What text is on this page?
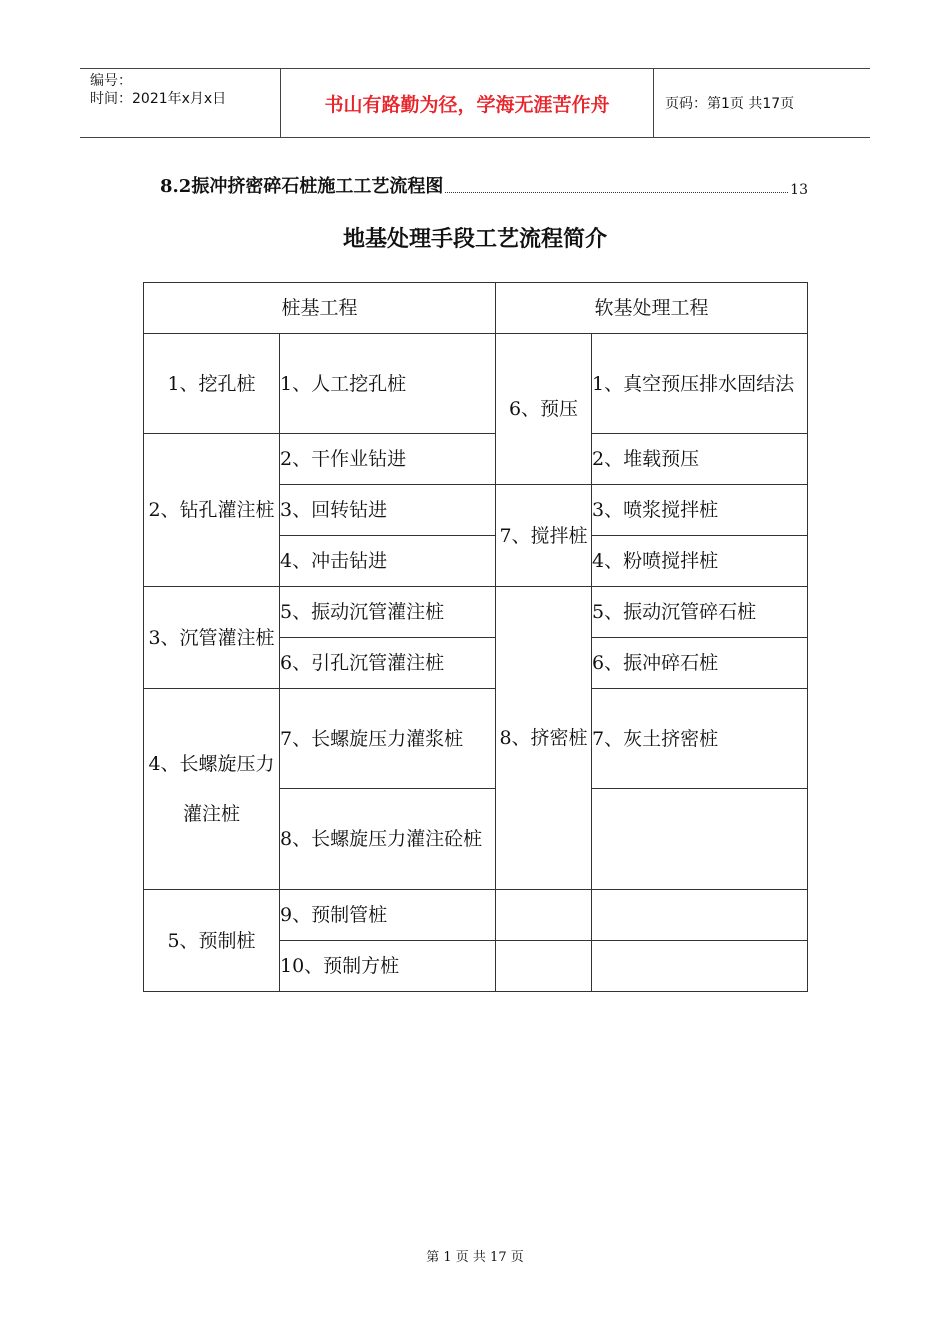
编号：
时间：2021年x月x日	书山有路勤为径，学海无涯苦作舟	页码：第1页 共17页
8.2振冲挤密碎石桩施工工艺流程图	13
地基处理手段工艺流程简介
桩基工程		软基处理工程		
1、挖孔桩	1、人工挖孔桩	6、预压	1、真空预压排水固结法	
2、钻孔灌注桩	2、干作业钻进		2、堆载预压	
	3、回转钻进	7、搅拌桩	3、喷浆搅拌桩	
	4、冲击钻进		4、粉喷搅拌桩	
3、沉管灌注桩	5、振动沉管灌注桩	8、挤密桩	5、振动沉管碎石桩	
	6、引孔沉管灌注桩		6、振冲碎石桩	
4、长螺旋压力灌注桩	7、长螺旋压力灌浆桩		7、灰土挤密桩	
	8、长螺旋压力灌注砼桩			
5、预制桩	9、预制管桩			
	10、预制方桩			
第 1 页 共 17 页
